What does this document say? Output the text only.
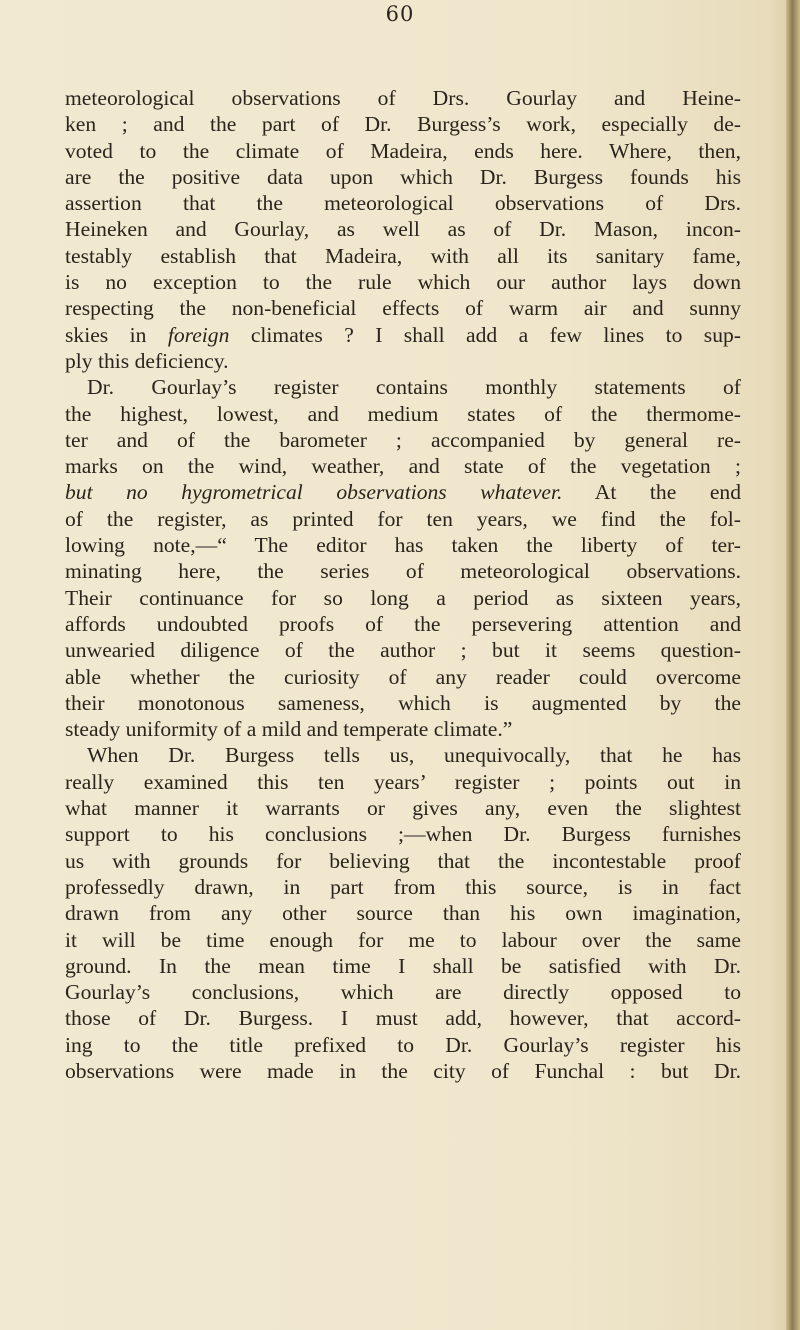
60
meteorological observations of Drs. Gourlay and Heine-
ken ; and the part of Dr. Burgess’s work, especially de-
voted to the climate of Madeira, ends here. Where, then,
are the positive data upon which Dr. Burgess founds his
assertion that the meteorological observations of Drs.
Heineken and Gourlay, as well as of Dr. Mason, incon-
testably establish that Madeira, with all its sanitary fame,
is no exception to the rule which our author lays down
respecting the non-beneficial effects of warm air and sunny
skies in foreign climates ? I shall add a few lines to sup-
ply this deficiency.
Dr. Gourlay’s register contains monthly statements of
the highest, lowest, and medium states of the thermome-
ter and of the barometer ; accompanied by general re-
marks on the wind, weather, and state of the vegetation ;
but no hygrometrical observations whatever. At the end
of the register, as printed for ten years, we find the fol-
lowing note,—“ The editor has taken the liberty of ter-
minating here, the series of meteorological observations.
Their continuance for so long a period as sixteen years,
affords undoubted proofs of the persevering attention and
unwearied diligence of the author ; but it seems question-
able whether the curiosity of any reader could overcome
their monotonous sameness, which is augmented by the
steady uniformity of a mild and temperate climate.”
When Dr. Burgess tells us, unequivocally, that he has
really examined this ten years’ register ; points out in
what manner it warrants or gives any, even the slightest
support to his conclusions ;—when Dr. Burgess furnishes
us with grounds for believing that the incontestable proof
professedly drawn, in part from this source, is in fact
drawn from any other source than his own imagination,
it will be time enough for me to labour over the same
ground. In the mean time I shall be satisfied with Dr.
Gourlay’s conclusions, which are directly opposed to
those of Dr. Burgess. I must add, however, that accord-
ing to the title prefixed to Dr. Gourlay’s register his
observations were made in the city of Funchal : but Dr.
